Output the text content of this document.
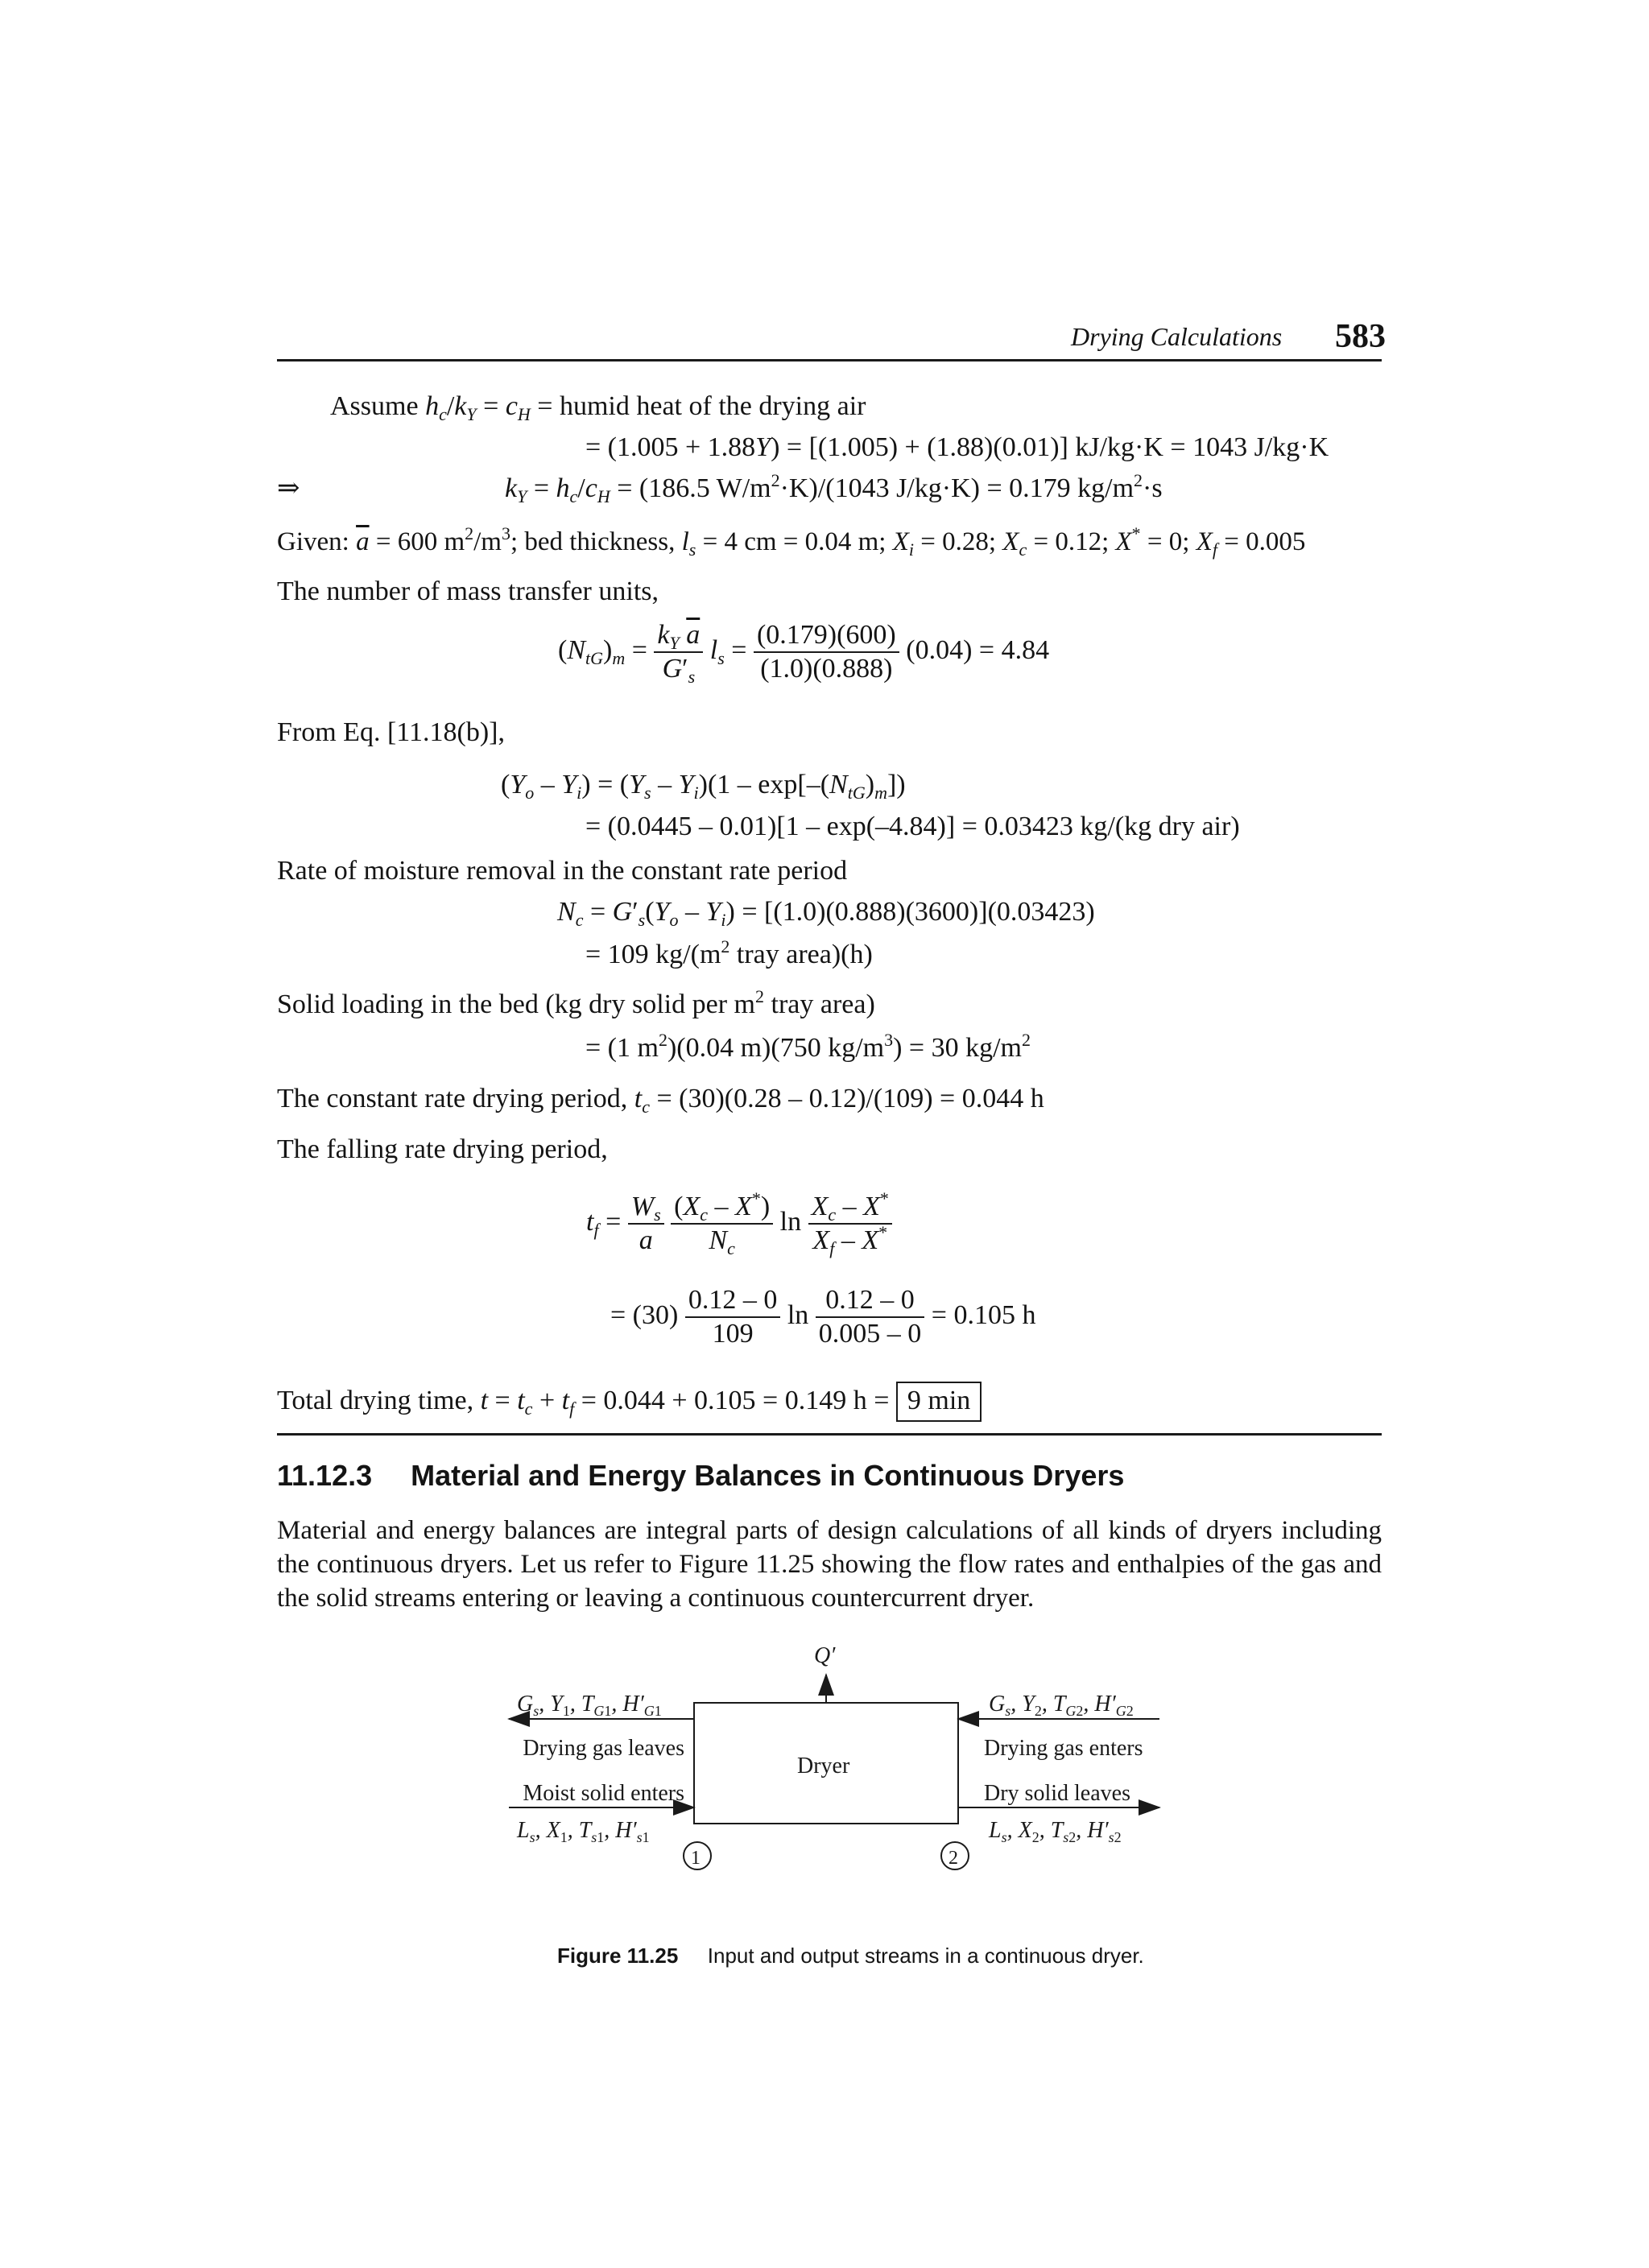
Drying Calculations 583
Assume $h_c/k_Y = c_H$ = humid heat of the drying air
= (1.005 + 1.88Y) = [(1.005) + (1.88)(0.01)] kJ/kg·K = 1043 J/kg·K
⇒	$k_Y = h_c/c_H = (186.5$ $W/m^2\cdot K)/(1043$ J/kg·K) = 0.179 $kg/m^2\cdot s$
Given: $\overline{a} = 600$ $m^2/m^3$; bed thickness, $l_s = 4$ cm = 0.04 m; $X_i = 0.28$; $X_c = 0.12$; X* = 0; $X_f = 0.005$
The number of mass transfer units,
$(N_{tG})_m = \frac{k_Y \overline{a}}{G'_s} l_s = \frac{(0.179)(600)}{(1.0)(0.888)} (0.04) = 4.84$
From Eq. [11.18(b)],
$(Y_o - Y_i) = (Y_s - Y_i)(1 - \exp[-(N_{tG})_m])$
= (0.0445 – 0.01)[1 – exp(–4.84)] = 0.03423 kg/(kg dry air)
Rate of moisture removal in the constant rate period
$N_c = G'_s(Y_o - Y_i) = [(1.0)(0.888)(3600)](0.03423)$
= 109 $kg/(m^2$ tray area)(h)
Solid loading in the bed (kg dry solid per $m^2$ tray area)
= (1 $m^2)(0.04$ m)(750 $kg/m^3) = 30$ $kg/m^2$
The constant rate drying period, $t_c = (30)(0.28 - 0.12)/(109) = 0.044$ h
The falling rate drying period,
$t_f = \frac{W_s}{a}$
$\frac{(X_c - X^*)}{N_c}$ $\ln \frac{X_c - X^*}{X_f - X^*}$
= $(30) \frac{0.12 - 0}{109}$ $\ln \frac{0.12 - 0}{0.005 - 0} = 0.105$ h
Total drying time, $t = t_c + t_f = 0.044 + 0.105 = 0.149$ h = 9 min
11.12.3 Material and Energy Balances in Continuous Dryers
Material and energy balances are integral parts of design calculations of all kinds of dryers including the continuous dryers. Let us refer to Figure 11.25 showing the flow rates and enthalpies of the gas and the solid streams entering or leaving a continuous countercurrent dryer.
Q′
Dryer
1	2
Drying gas leaves
Moist solid enters
Drying gas enters
Dry solid leaves
$G_s$, $Y_1$, $T_G1$, $H'_G1$
$L_s$, $X_1$, $T_s1$, $H'_s1$
$G_s$, $Y_2$, $T_G2$, $H'_G2$
$L_s$, $X_2$, $T_s2$, $H'_s2$
Figure 11.25 Input and output streams in a continuous dryer.
